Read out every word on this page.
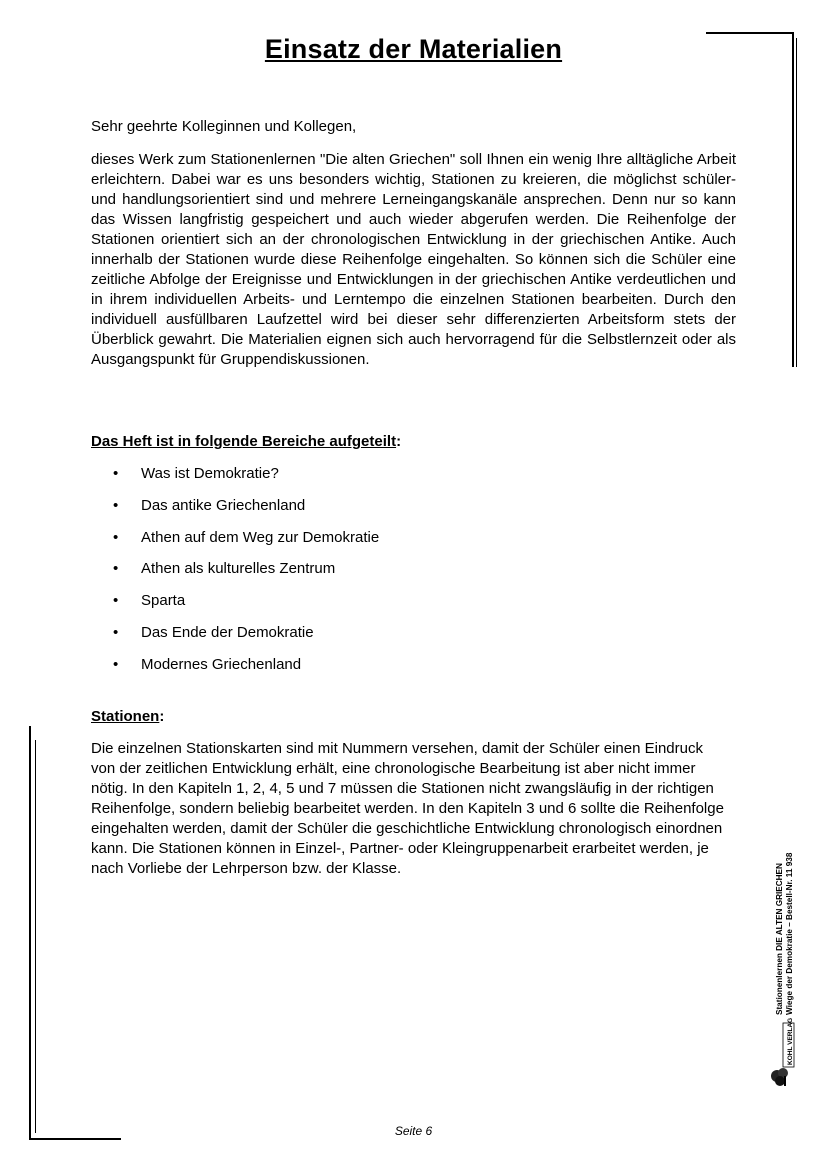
Einsatz der Materialien

Sehr geehrte Kolleginnen und Kollegen,

dieses Werk zum Stationenlernen "Die alten Griechen" soll Ihnen ein wenig Ihre alltägliche Arbeit erleichtern. Dabei war es uns besonders wichtig, Stationen zu kreieren, die möglichst schüler- und handlungsorientiert sind und mehrere Lerneingangskanäle ansprechen. Denn nur so kann das Wissen langfristig gespeichert und auch wieder abgerufen werden. Die Reihenfolge der Stationen orientiert sich an der chronologischen Entwicklung in der griechischen Antike. Auch innerhalb der Stationen wurde diese Reihenfolge eingehalten. So können sich die Schüler eine zeitliche Abfolge der Ereignisse und Entwicklungen in der griechischen Antike verdeutlichen und in ihrem individuellen Arbeits- und Lerntempo die einzelnen Stationen bearbeiten. Durch den individuell ausfüllbaren Laufzettel wird bei dieser sehr differenzierten Arbeitsform stets der Überblick gewahrt. Die Materialien eignen sich auch hervorragend für die Selbstlernzeit oder als Ausgangspunkt für Gruppendiskussionen.

Das Heft ist in folgende Bereiche aufgeteilt:

• Was ist Demokratie?
• Das antike Griechenland
• Athen auf dem Weg zur Demokratie
• Athen als kulturelles Zentrum
• Sparta
• Das Ende der Demokratie
• Modernes Griechenland

Stationen:

Die einzelnen Stationskarten sind mit Nummern versehen, damit der Schüler einen Eindruck von der zeitlichen Entwicklung erhält, eine chronologische Bearbeitung ist aber nicht immer nötig. In den Kapiteln 1, 2, 4, 5 und 7 müssen die Stationen nicht zwangsläufig in der richtigen Reihenfolge, sondern beliebig bearbeitet werden. In den Kapiteln 3 und 6 sollte die Reihenfolge eingehalten werden, damit der Schüler die geschichtliche Entwicklung chronologisch einordnen kann. Die Stationen können in Einzel-, Partner- oder Kleingruppenarbeit erarbeitet werden, je nach Vorliebe der Lehrperson bzw. der Klasse.	Stationenlernen DIE ALTEN GRIECHEN Wiege der Demokratie – Bestell-Nr. 11 938
KOHL VERLAG
Seite 6
